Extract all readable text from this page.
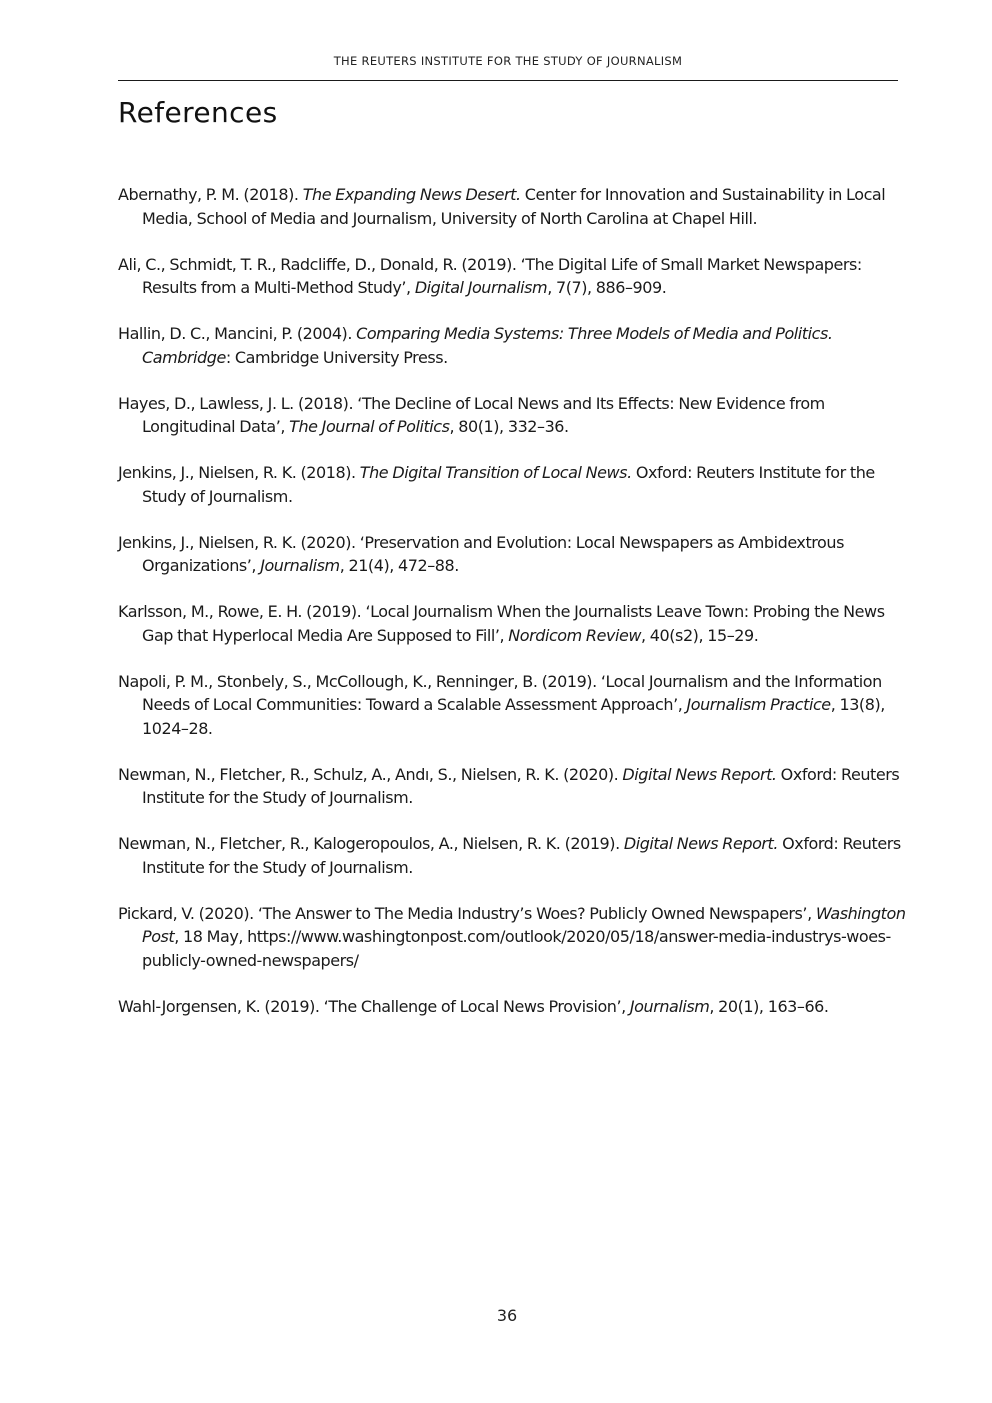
THE REUTERS INSTITUTE FOR THE STUDY OF JOURNALISM
References
Abernathy, P. M. (2018). The Expanding News Desert. Center for Innovation and Sustainability in Local Media, School of Media and Journalism, University of North Carolina at Chapel Hill.
Ali, C., Schmidt, T. R., Radcliffe, D., Donald, R. (2019). ‘The Digital Life of Small Market Newspapers: Results from a Multi-Method Study’, Digital Journalism, 7(7), 886–909.
Hallin, D. C., Mancini, P. (2004). Comparing Media Systems: Three Models of Media and Politics. Cambridge: Cambridge University Press.
Hayes, D., Lawless, J. L. (2018). ‘The Decline of Local News and Its Effects: New Evidence from Longitudinal Data’, The Journal of Politics, 80(1), 332–36.
Jenkins, J., Nielsen, R. K. (2018). The Digital Transition of Local News. Oxford: Reuters Institute for the Study of Journalism.
Jenkins, J., Nielsen, R. K. (2020). ‘Preservation and Evolution: Local Newspapers as Ambidextrous Organizations’, Journalism, 21(4), 472–88.
Karlsson, M., Rowe, E. H. (2019). ‘Local Journalism When the Journalists Leave Town: Probing the News Gap that Hyperlocal Media Are Supposed to Fill’, Nordicom Review, 40(s2), 15–29.
Napoli, P. M., Stonbely, S., McCollough, K., Renninger, B. (2019). ‘Local Journalism and the Information Needs of Local Communities: Toward a Scalable Assessment Approach’, Journalism Practice, 13(8), 1024–28.
Newman, N., Fletcher, R., Schulz, A., Andı, S., Nielsen, R. K. (2020). Digital News Report. Oxford: Reuters Institute for the Study of Journalism.
Newman, N., Fletcher, R., Kalogeropoulos, A., Nielsen, R. K. (2019). Digital News Report. Oxford: Reuters Institute for the Study of Journalism.
Pickard, V. (2020). ‘The Answer to The Media Industry’s Woes? Publicly Owned Newspapers’, Washington Post, 18 May, https://www.washingtonpost.com/outlook/2020/05/18/answer-media-industrys-woes-publicly-owned-newspapers/
Wahl-Jorgensen, K. (2019). ‘The Challenge of Local News Provision’, Journalism, 20(1), 163–66.
36
